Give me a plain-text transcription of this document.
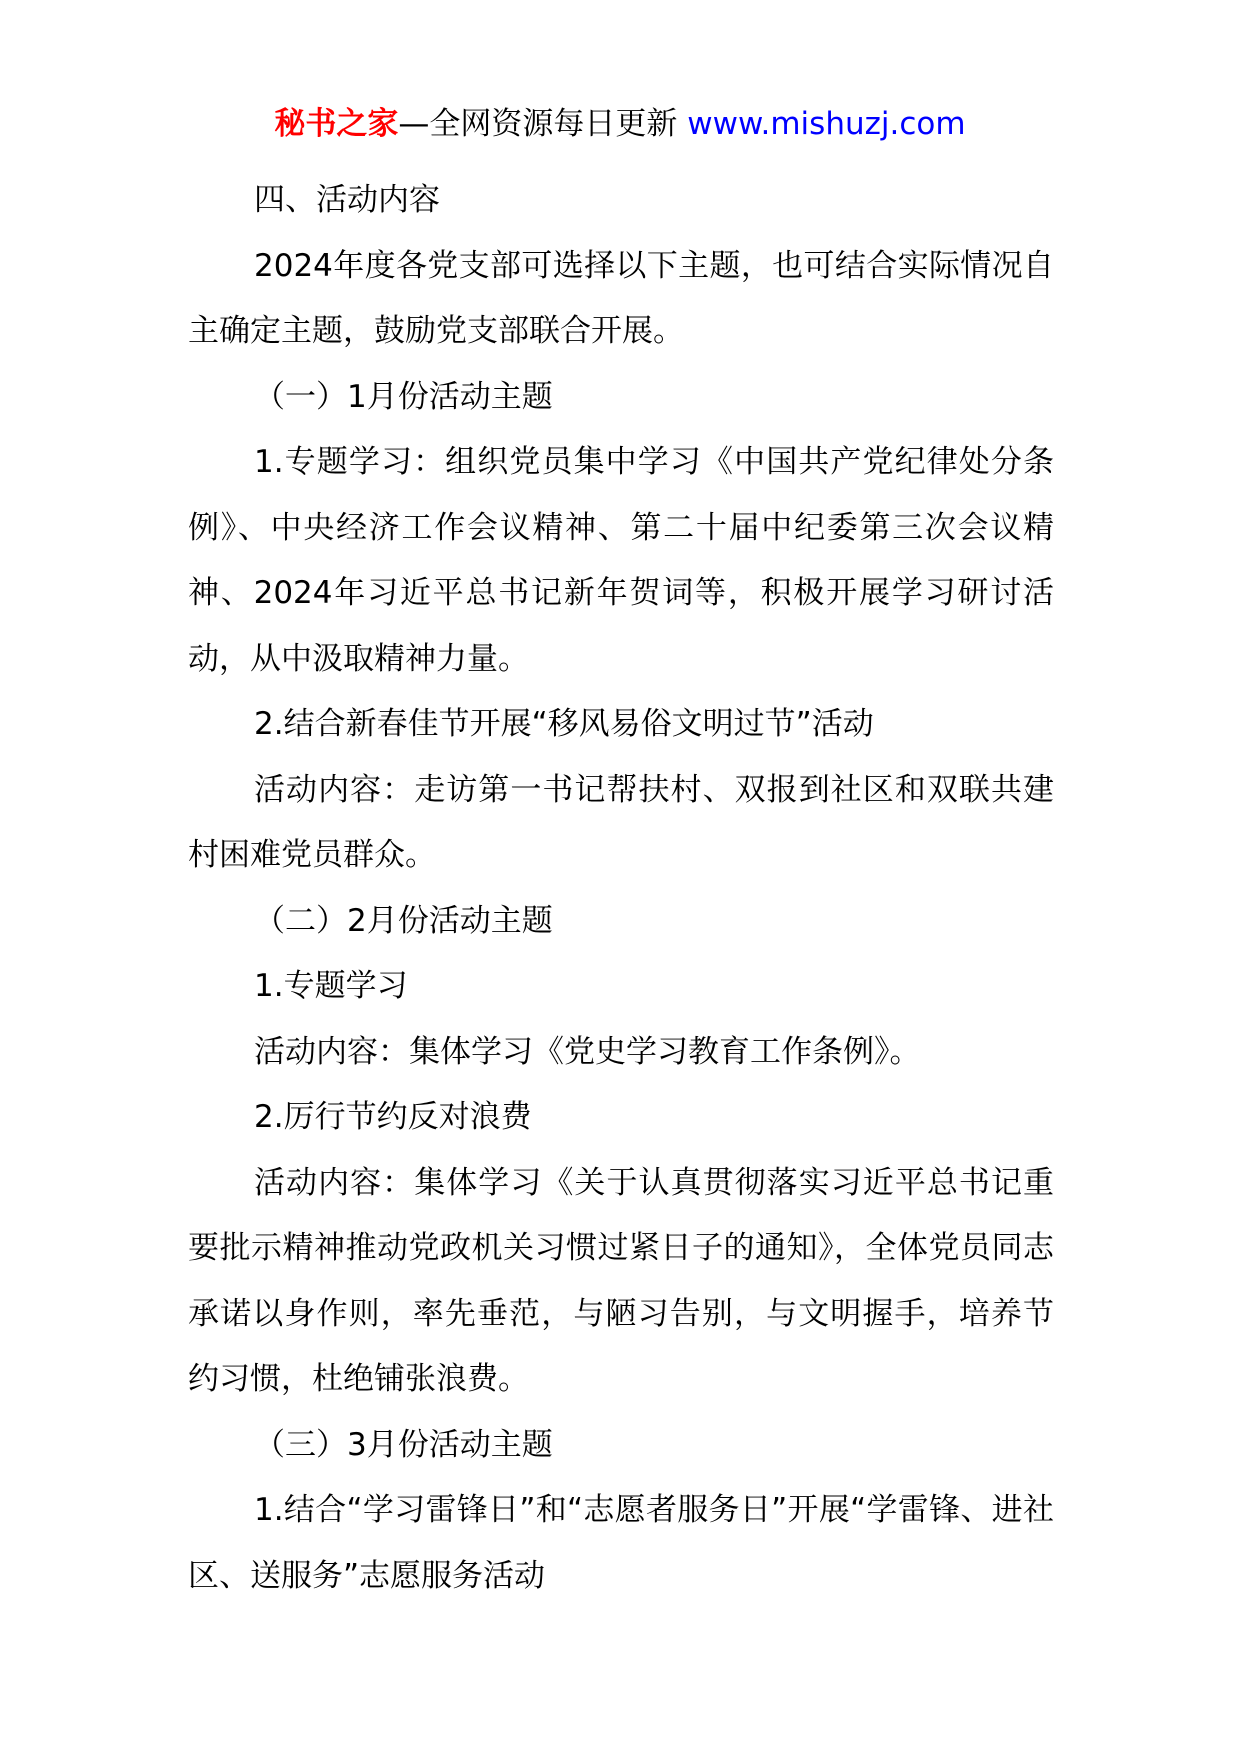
秘书之家—全网资源每日更新 www.mishuzj.com

四、活动内容

2024年度各党支部可选择以下主题，也可结合实际情况自主确定主题，鼓励党支部联合开展。

（一）1月份活动主题

1.专题学习：组织党员集中学习《中国共产党纪律处分条例》、中央经济工作会议精神、第二十届中纪委第三次会议精神、2024年习近平总书记新年贺词等，积极开展学习研讨活动，从中汲取精神力量。

2.结合新春佳节开展“移风易俗文明过节”活动

活动内容：走访第一书记帮扶村、双报到社区和双联共建村困难党员群众。

（二）2月份活动主题

1.专题学习

活动内容：集体学习《党史学习教育工作条例》。

2.厉行节约反对浪费

活动内容：集体学习《关于认真贯彻落实习近平总书记重要批示精神推动党政机关习惯过紧日子的通知》，全体党员同志承诺以身作则，率先垂范，与陋习告别，与文明握手，培养节约习惯，杜绝铺张浪费。

（三）3月份活动主题

1.结合“学习雷锋日”和“志愿者服务日”开展“学雷锋、进社区、送服务”志愿服务活动
